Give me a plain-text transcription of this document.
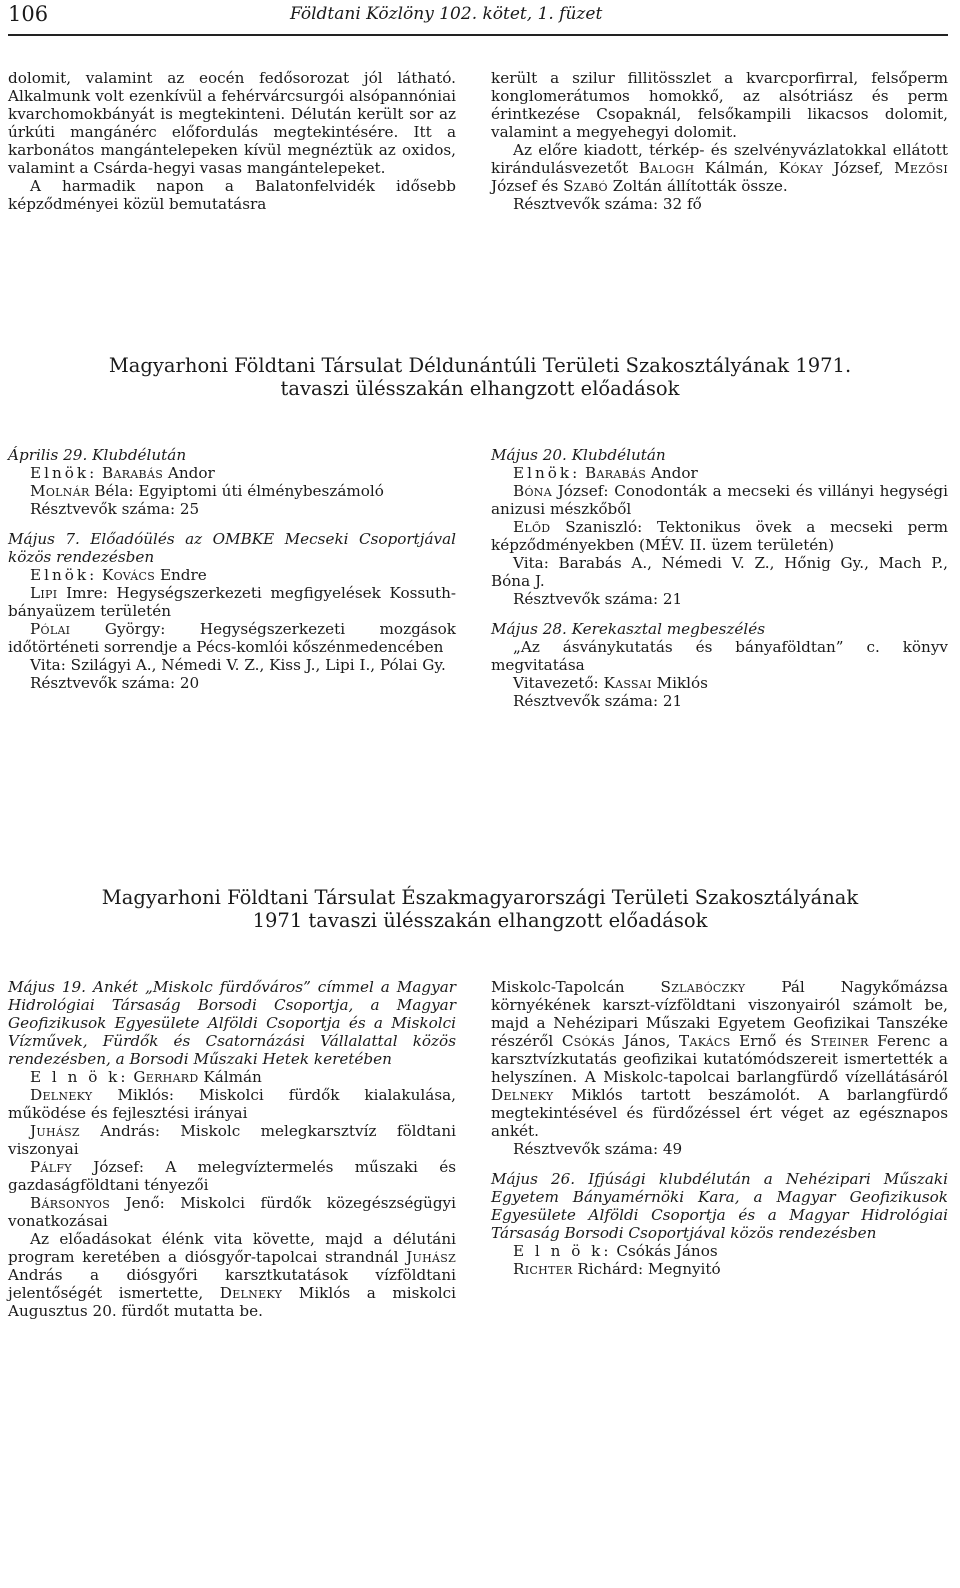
106	Földtani Közlöny 102. kötet, 1. füzet

dolomit, valamint az eocén fedősorozat jól látható. Alkalmunk volt ezenkívül a fehérvárcsurgói alsópannóniai kvarchomokbányát is megtekinteni. Délután került sor az úrkúti mangánérc előfordulás megtekintésére. Itt a karbonátos mangántelepeken kívül megnéztük az oxidos, valamint a Csárda-hegyi vasas mangántelepeket.

A harmadik napon a Balatonfelvidék idősebb képződményei közül bemutatásra

került a szilur fillitösszlet a kvarcporfirral, felsőperm konglomerátumos homokkő, az alsótriász és perm érintkezése Csopaknál, felsőkampili likacsos dolomit, valamint a megyehegyi dolomit.

Az előre kiadott, térkép- és szelvényvázlatokkal ellátott kirándulásvezetőt Balogh Kálmán, Kókay József, Mezősi József és Szabó Zoltán állították össze.

Résztvevők száma: 32 fő

Magyarhoni Földtani Társulat Déldunántúli Területi Szakosztályának 1971.
tavaszi ülésszakán elhangzott előadások

Április 29. Klubdélután

Elnök: Barabás Andor

Molnár Béla: Egyiptomi úti élménybeszámoló

Résztvevők száma: 25

Május 7. Előadóülés az OMBKE Mecseki Csoportjával közös rendezésben

Elnök: Kovács Endre

Lipi Imre: Hegységszerkezeti megfigyelések Kossuth-bányaüzem területén

Pólai György: Hegységszerkezeti mozgások időtörténeti sorrendje a Pécs-komlói kőszénmedencében

Vita: Szilágyi A., Némedi V. Z., Kiss J., Lipi I., Pólai Gy.

Résztvevők száma: 20

Május 20. Klubdélután

Elnök: Barabás Andor

Bóna József: Conodonták a mecseki és villányi hegységi anizusi mészkőből

Előd Szaniszló: Tektonikus övek a mecseki perm képződményekben (MÉV. II. üzem területén)

Vita: Barabás A., Némedi V. Z., Hőnig Gy., Mach P., Bóna J.

Résztvevők száma: 21

Május 28. Kerekasztal megbeszélés

„Az ásványkutatás és bányaföldtan” c. könyv megvitatása

Vitavezető: Kassai Miklós

Résztvevők száma: 21

Magyarhoni Földtani Társulat Északmagyarországi Területi Szakosztályának
1971 tavaszi ülésszakán elhangzott előadások

Május 19. Ankét „Miskolc fürdőváros” címmel a Magyar Hidrológiai Társaság Borsodi Csoportja, a Magyar Geofizikusok Egyesülete Alföldi Csoportja és a Miskolci Vízművek, Fürdők és Csatornázási Vállalattal közös rendezésben, a Borsodi Műszaki Hetek keretében

E l n ö k: Gerhard Kálmán

Delneky Miklós: Miskolci fürdők kialakulása, működése és fejlesztési irányai

Juhász András: Miskolc melegkarsztvíz földtani viszonyai

Pálfy József: A melegvíztermelés műszaki és gazdaságföldtani tényezői

Bársonyos Jenő: Miskolci fürdők közegészségügyi vonatkozásai

Az előadásokat élénk vita követte, majd a délutáni program keretében a diósgyőr-tapolcai strandnál Juhász András a diósgyőri karsztkutatások vízföldtani jelentőségét ismertette, Delneky Miklós a miskolci Augusztus 20. fürdőt mutatta be.

Miskolc-Tapolcán Szlabóczky Pál Nagykőmázsa környékének karszt-vízföldtani viszonyairól számolt be, majd a Nehézipari Műszaki Egyetem Geofizikai Tanszéke részéről Csókás János, Takács Ernő és Steiner Ferenc a karsztvízkutatás geofizikai kutatómódszereit ismertették a helyszínen. A Miskolc-tapolcai barlangfürdő vízellátásáról Delneky Miklós tartott beszámolót. A barlangfürdő megtekintésével és fürdőzéssel ért véget az egésznapos ankét.

Résztvevők száma: 49

Május 26. Ifjúsági klubdélután a Nehézipari Műszaki Egyetem Bányamérnöki Kara, a Magyar Geofizikusok Egyesülete Alföldi Csoportja és a Magyar Hidrológiai Társaság Borsodi Csoportjával közös rendezésben

E l n ö k: Csókás János

Richter Richárd: Megnyitó
